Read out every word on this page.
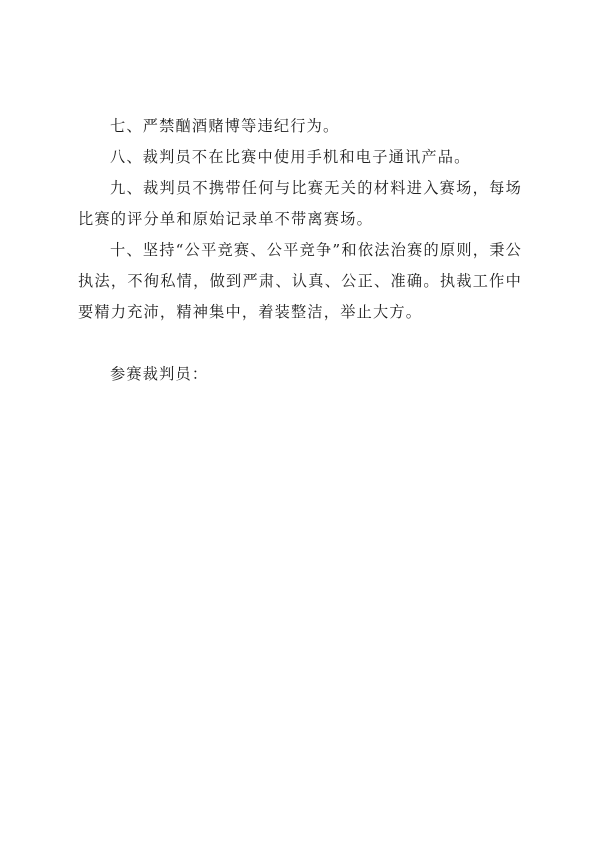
七、严禁酗酒赌博等违纪行为。

八、裁判员不在比赛中使用手机和电子通讯产品。

九、裁判员不携带任何与比赛无关的材料进入赛场，每场比赛的评分单和原始记录单不带离赛场。

十、坚持“公平竞赛、公平竞争”和依法治赛的原则，秉公执法，不徇私情，做到严肃、认真、公正、准确。执裁工作中要精力充沛，精神集中，着装整洁，举止大方。

参赛裁判员：
